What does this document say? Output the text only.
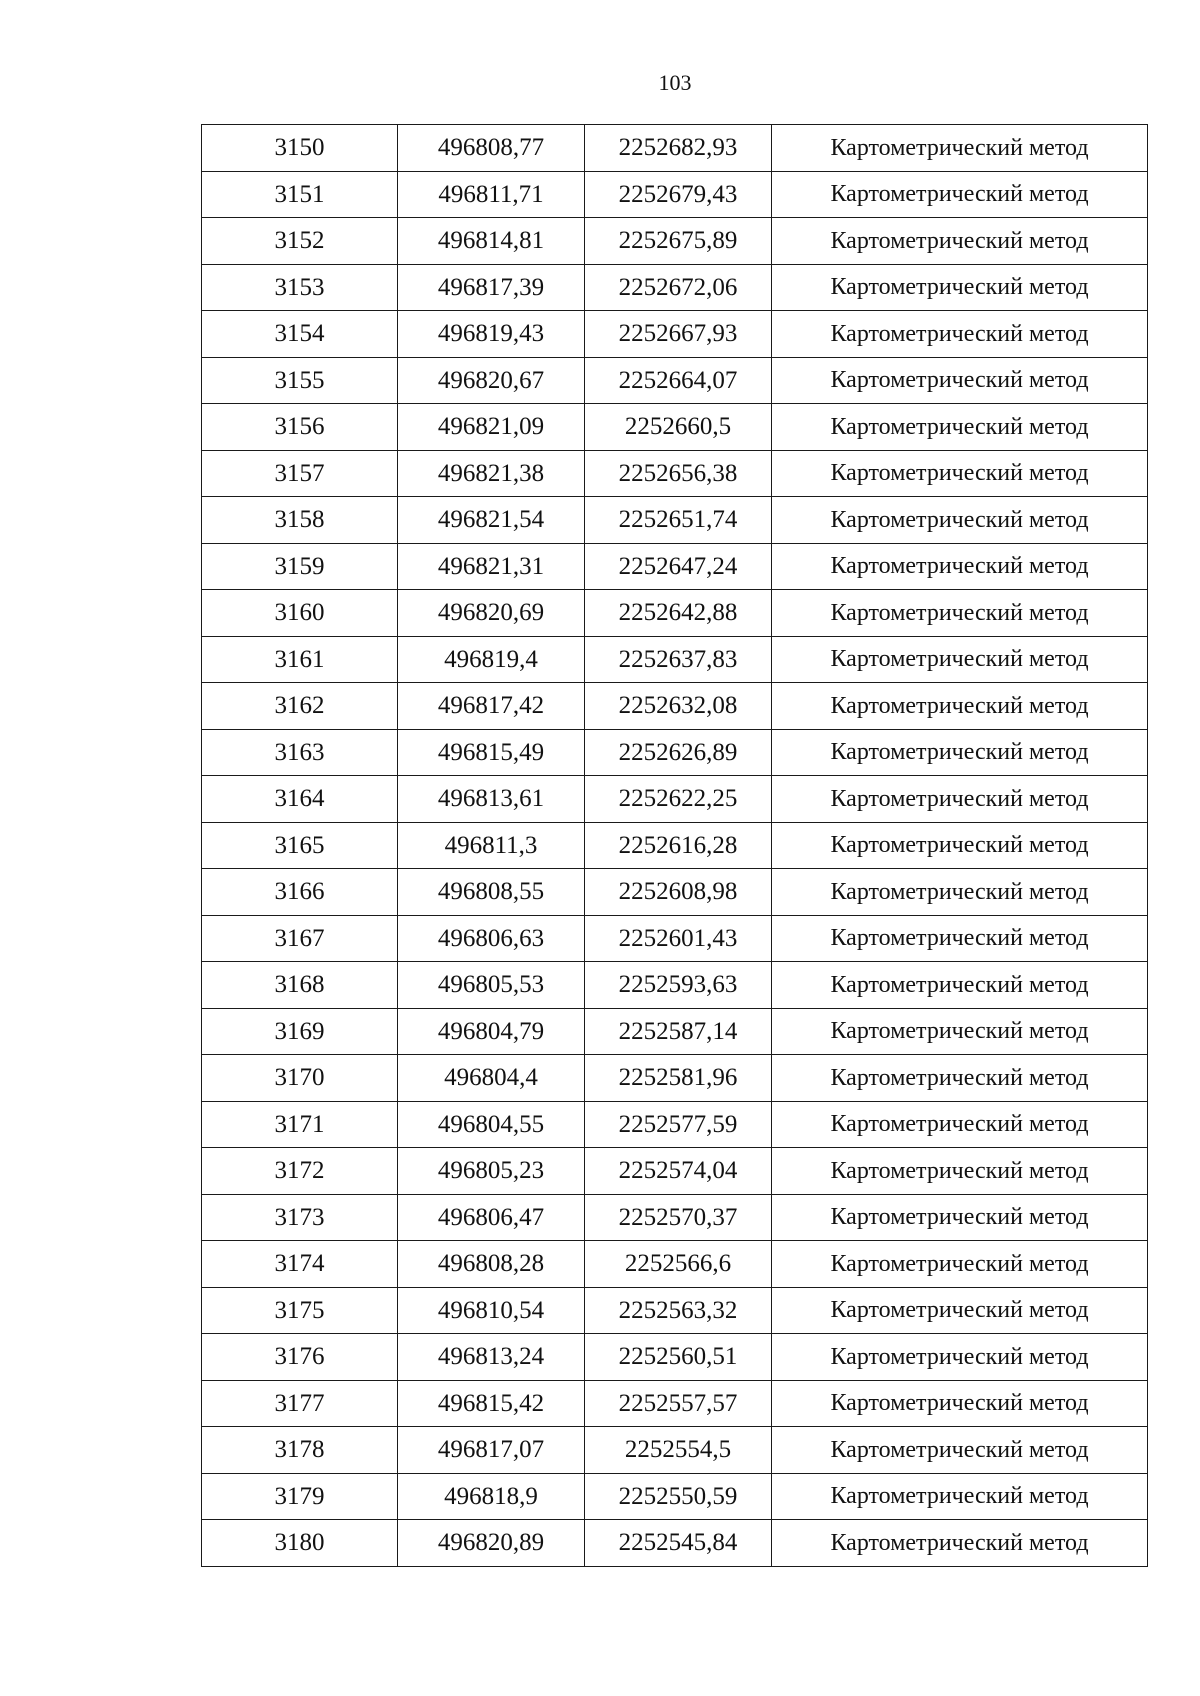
103
3150	496808,77	2252682,93	Картометрический метод
3151	496811,71	2252679,43	Картометрический метод
3152	496814,81	2252675,89	Картометрический метод
3153	496817,39	2252672,06	Картометрический метод
3154	496819,43	2252667,93	Картометрический метод
3155	496820,67	2252664,07	Картометрический метод
3156	496821,09	2252660,5	Картометрический метод
3157	496821,38	2252656,38	Картометрический метод
3158	496821,54	2252651,74	Картометрический метод
3159	496821,31	2252647,24	Картометрический метод
3160	496820,69	2252642,88	Картометрический метод
3161	496819,4	2252637,83	Картометрический метод
3162	496817,42	2252632,08	Картометрический метод
3163	496815,49	2252626,89	Картометрический метод
3164	496813,61	2252622,25	Картометрический метод
3165	496811,3	2252616,28	Картометрический метод
3166	496808,55	2252608,98	Картометрический метод
3167	496806,63	2252601,43	Картометрический метод
3168	496805,53	2252593,63	Картометрический метод
3169	496804,79	2252587,14	Картометрический метод
3170	496804,4	2252581,96	Картометрический метод
3171	496804,55	2252577,59	Картометрический метод
3172	496805,23	2252574,04	Картометрический метод
3173	496806,47	2252570,37	Картометрический метод
3174	496808,28	2252566,6	Картометрический метод
3175	496810,54	2252563,32	Картометрический метод
3176	496813,24	2252560,51	Картометрический метод
3177	496815,42	2252557,57	Картометрический метод
3178	496817,07	2252554,5	Картометрический метод
3179	496818,9	2252550,59	Картометрический метод
3180	496820,89	2252545,84	Картометрический метод
